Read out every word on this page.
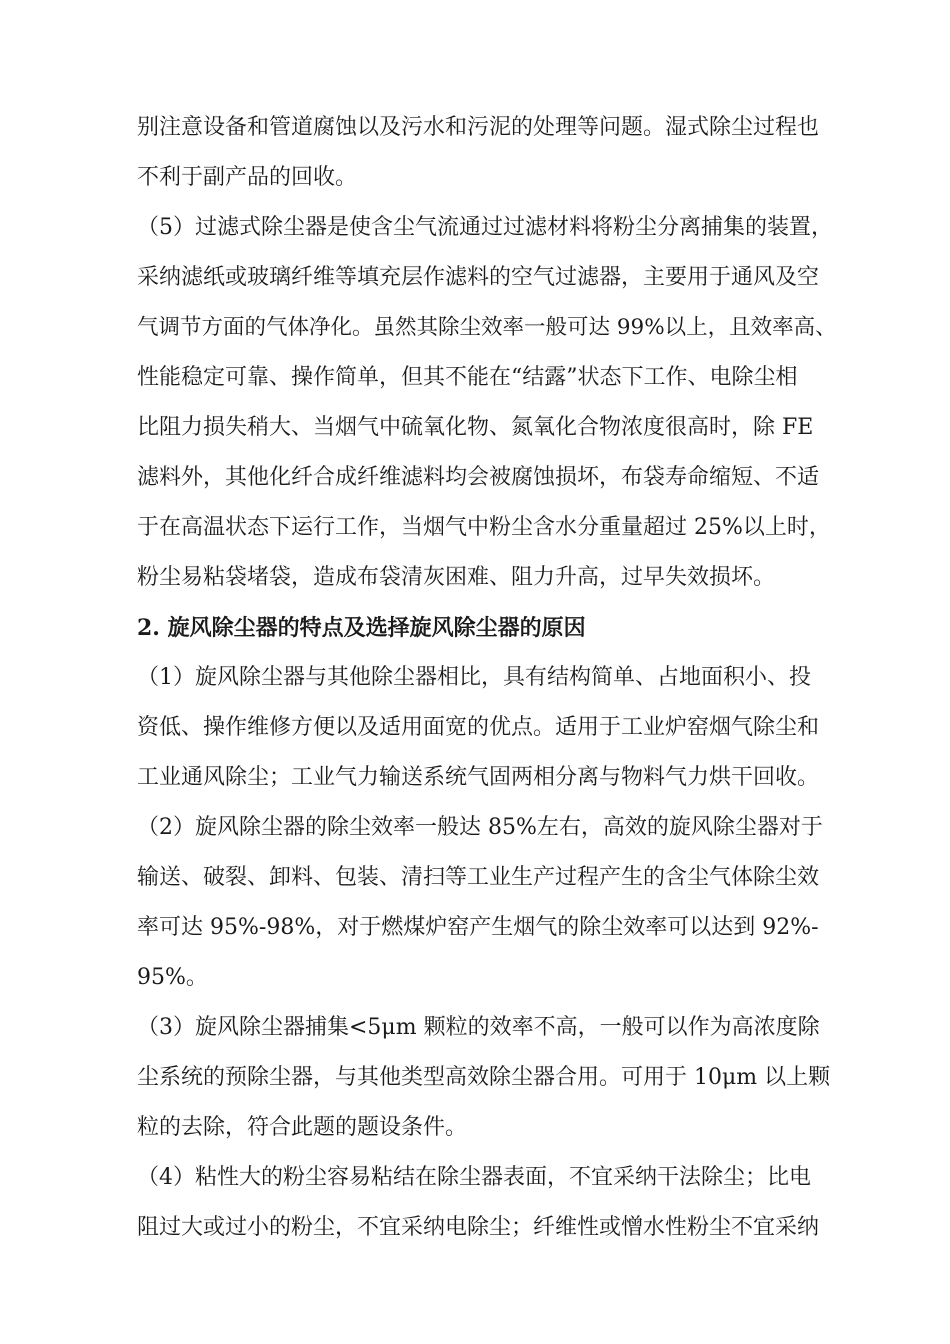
别注意设备和管道腐蚀以及污水和污泥的处理等问题。湿式除尘过程也
不利于副产品的回收。
（5）过滤式除尘器是使含尘气流通过过滤材料将粉尘分离捕集的装置，
采纳滤纸或玻璃纤维等填充层作滤料的空气过滤器，主要用于通风及空
气调节方面的气体净化。虽然其除尘效率一般可达 99%以上，且效率高、
性能稳定可靠、操作简单，但其不能在“结露”状态下工作、电除尘相
比阻力损失稍大、当烟气中硫氧化物、氮氧化合物浓度很高时，除 FE
滤料外，其他化纤合成纤维滤料均会被腐蚀损坏，布袋寿命缩短、不适
于在高温状态下运行工作，当烟气中粉尘含水分重量超过 25%以上时，
粉尘易粘袋堵袋，造成布袋清灰困难、阻力升高，过早失效损坏。
2. 旋风除尘器的特点及选择旋风除尘器的原因
（1）旋风除尘器与其他除尘器相比，具有结构简单、占地面积小、投
资低、操作维修方便以及适用面宽的优点。适用于工业炉窑烟气除尘和
工业通风除尘；工业气力输送系统气固两相分离与物料气力烘干回收。
（2）旋风除尘器的除尘效率一般达 85%左右，高效的旋风除尘器对于
输送、破裂、卸料、包装、清扫等工业生产过程产生的含尘气体除尘效
率可达 95%-98%，对于燃煤炉窑产生烟气的除尘效率可以达到 92%-
95%。
（3）旋风除尘器捕集<5μm 颗粒的效率不高，一般可以作为高浓度除
尘系统的预除尘器，与其他类型高效除尘器合用。可用于 10μm 以上颗
粒的去除，符合此题的题设条件。
（4）粘性大的粉尘容易粘结在除尘器表面，不宜采纳干法除尘；比电
阻过大或过小的粉尘，不宜采纳电除尘；纤维性或憎水性粉尘不宜采纳
